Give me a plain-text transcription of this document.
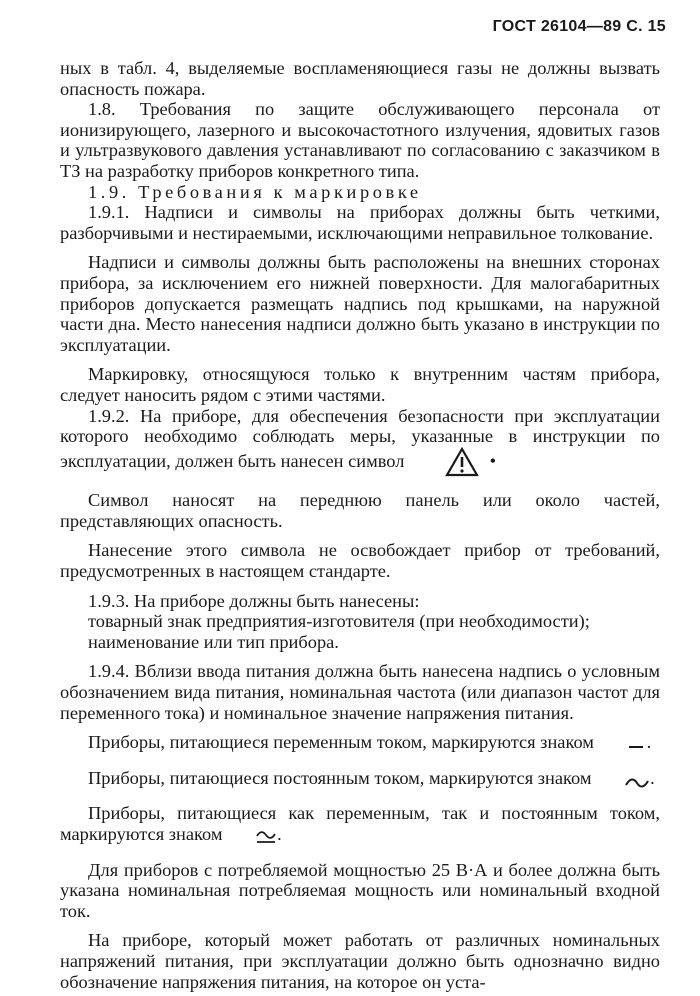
ГОСТ 26104—89 С. 15

ных в табл. 4, выделяемые воспламеняющиеся газы не должны вызвать опасность пожара.

1.8. Требования по защите обслуживающего персонала от ионизирующего, лазерного и высокочастотного излучения, ядовитых газов и ультразвукового давления устанавливают по согласованию с заказчиком в ТЗ на разработку приборов конкретного типа.

1.9. Требования к маркировке

1.9.1. Надписи и символы на приборах должны быть четкими, разборчивыми и нестираемыми, исключающими неправильное толкование.

Надписи и символы должны быть расположены на внешних сторонах прибора, за исключением его нижней поверхности. Для малогабаритных приборов допускается размещать надпись под крышками, на наружной части дна. Место нанесения надписи должно быть указано в инструкции по эксплуатации.

Маркировку, относящуюся только к внутренним частям прибора, следует наносить рядом с этими частями.

1.9.2. На приборе, для обеспечения безопасности при эксплуатации которого необходимо соблюдать меры, указанные в инструкции по эксплуатации, должен быть нанесен символ	•

Символ наносят на переднюю панель или около частей, представляющих опасность.

Нанесение этого символа не освобождает прибор от требований, предусмотренных в настоящем стандарте.

1.9.3. На приборе должны быть нанесены:

товарный знак предприятия-изготовителя (при необходимости);

наименование или тип прибора.

1.9.4. Вблизи ввода питания должна быть нанесена надпись о условным обозначением вида питания, номинальная частота (или диапазон частот для переменного тока) и номинальное значение напряжения питания.

Приборы, питающиеся переменным током, маркируются знаком	.

Приборы, питающиеся постоянным током, маркируются знаком	.

Приборы, питающиеся как переменным, так и постоянным током, маркируются знаком	.

Для приборов с потребляемой мощностью 25 В·А и более должна быть указана номинальная потребляемая мощность или номинальный входной ток.

На приборе, который может работать от различных номинальных напряжений питания, при эксплуатации должно быть однозначно видно обозначение напряжения питания, на которое он уста-
